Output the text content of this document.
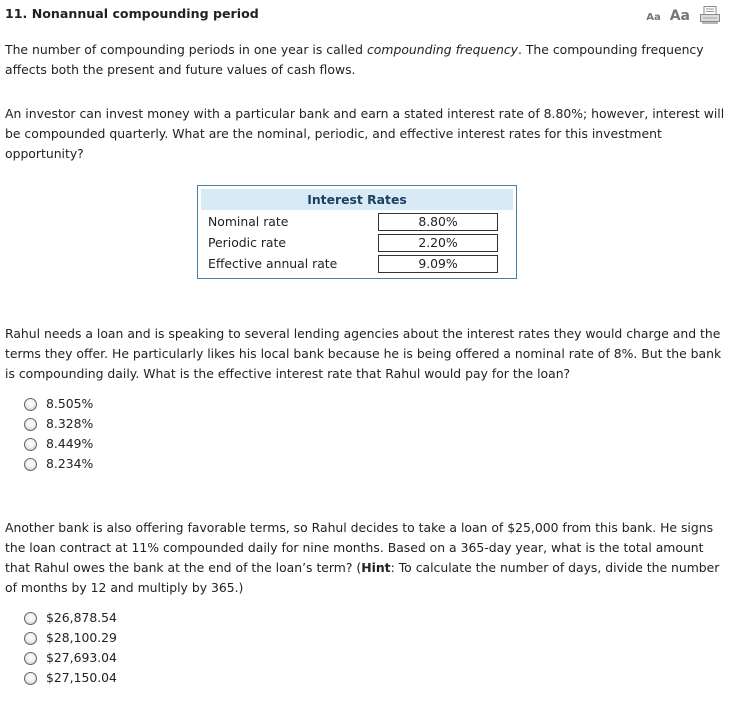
11. Nonannual compounding period	Aa Aa

The number of compounding periods in one year is called compounding frequency. The compounding frequency affects both the present and future values of cash flows.

An investor can invest money with a particular bank and earn a stated interest rate of 8.80%; however, interest will be compounded quarterly. What are the nominal, periodic, and effective interest rates for this investment opportunity?

Interest Rates
Nominal rate	8.80%
Periodic rate	2.20%
Effective annual rate	9.09%

Rahul needs a loan and is speaking to several lending agencies about the interest rates they would charge and the terms they offer. He particularly likes his local bank because he is being offered a nominal rate of 8%. But the bank is compounding daily. What is the effective interest rate that Rahul would pay for the loan?

8.505%
8.328%
8.449%
8.234%

Another bank is also offering favorable terms, so Rahul decides to take a loan of $25,000 from this bank. He signs the loan contract at 11% compounded daily for nine months. Based on a 365-day year, what is the total amount that Rahul owes the bank at the end of the loan’s term? (Hint: To calculate the number of days, divide the number of months by 12 and multiply by 365.)

$26,878.54
$28,100.29
$27,693.04
$27,150.04
